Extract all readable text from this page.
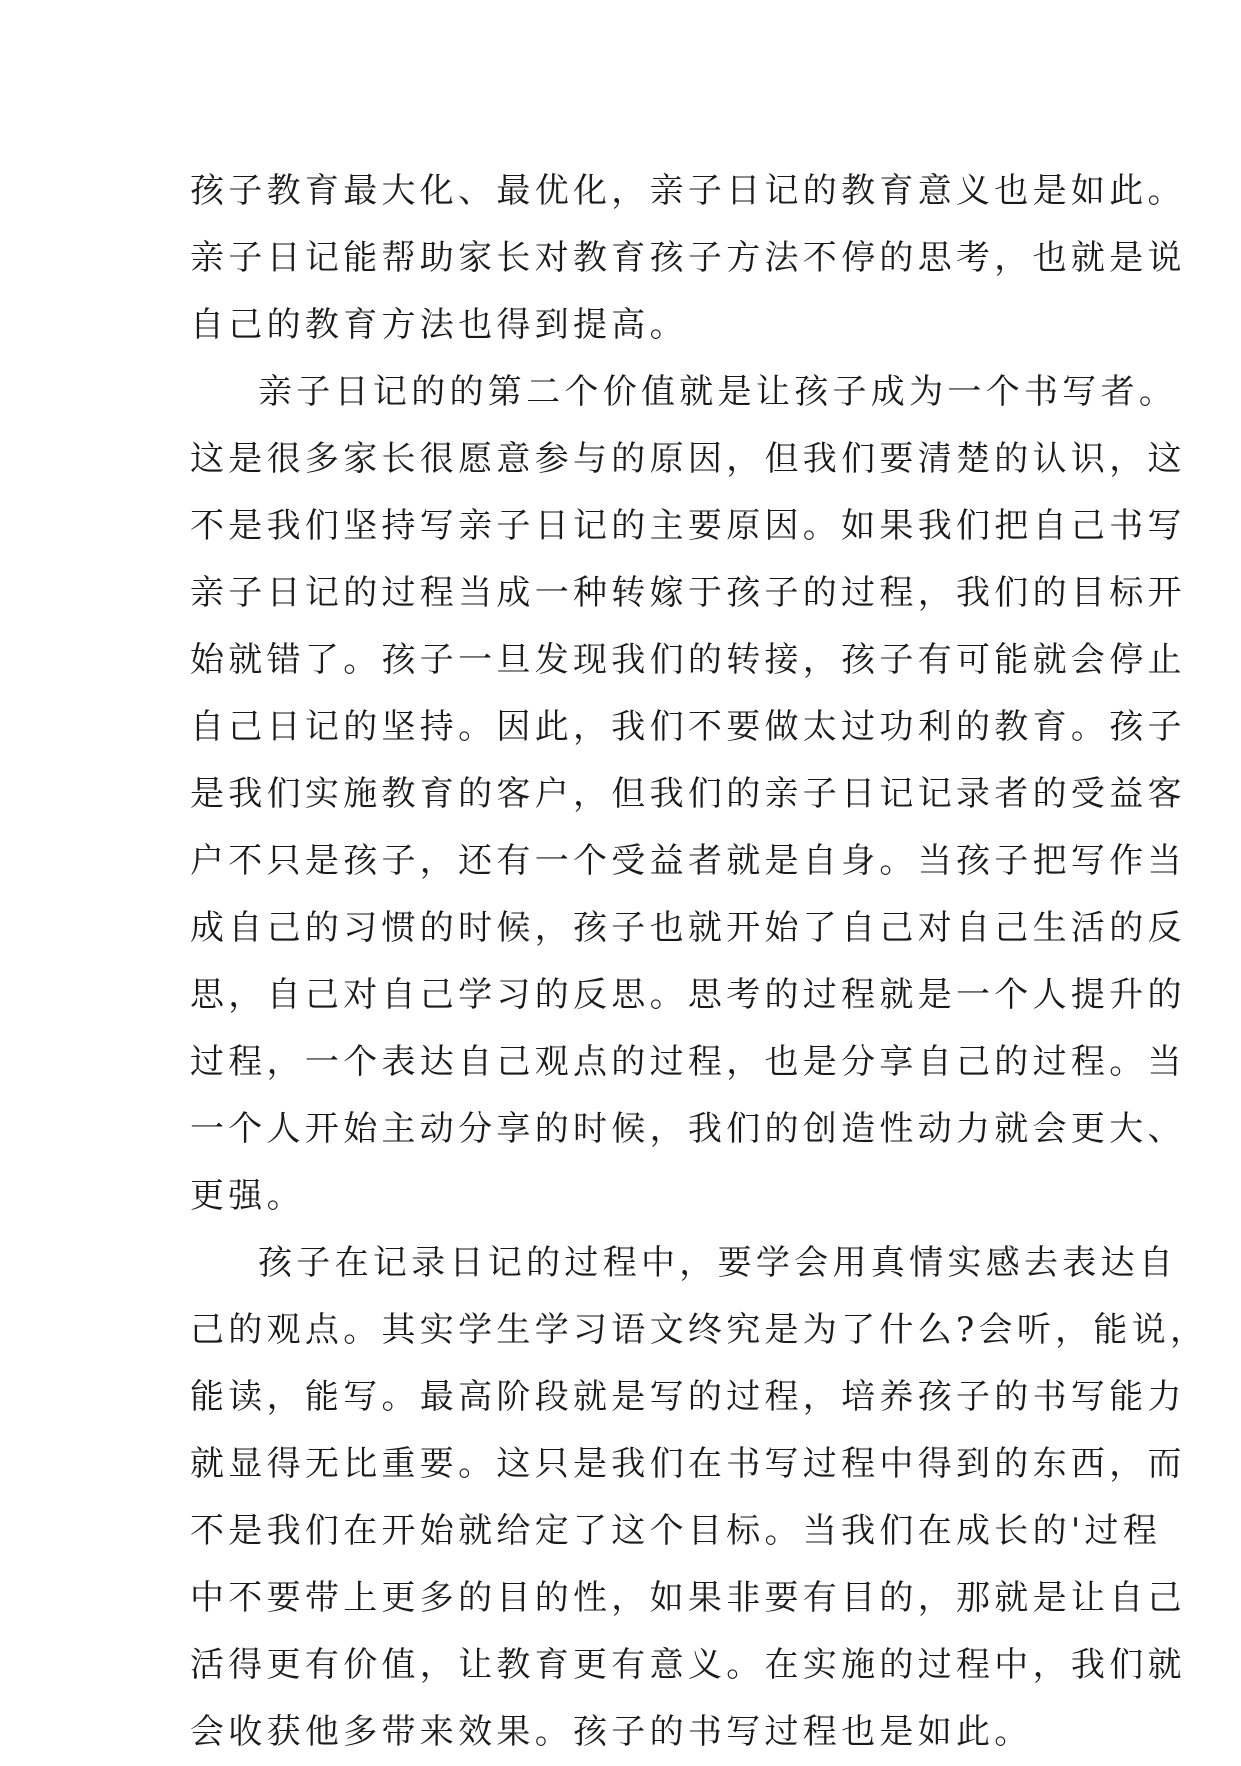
孩子教育最大化、最优化，亲子日记的教育意义也是如此。
亲子日记能帮助家长对教育孩子方法不停的思考，也就是说
自己的教育方法也得到提高。
亲子日记的的第二个价值就是让孩子成为一个书写者。
这是很多家长很愿意参与的原因，但我们要清楚的认识，这
不是我们坚持写亲子日记的主要原因。如果我们把自己书写
亲子日记的过程当成一种转嫁于孩子的过程，我们的目标开
始就错了。孩子一旦发现我们的转接，孩子有可能就会停止
自己日记的坚持。因此，我们不要做太过功利的教育。孩子
是我们实施教育的客户，但我们的亲子日记记录者的受益客
户不只是孩子，还有一个受益者就是自身。当孩子把写作当
成自己的习惯的时候，孩子也就开始了自己对自己生活的反
思，自己对自己学习的反思。思考的过程就是一个人提升的
过程，一个表达自己观点的过程，也是分享自己的过程。当
一个人开始主动分享的时候，我们的创造性动力就会更大、
更强。
孩子在记录日记的过程中，要学会用真情实感去表达自
己的观点。其实学生学习语文终究是为了什么?会听，能说，
能读，能写。最高阶段就是写的过程，培养孩子的书写能力
就显得无比重要。这只是我们在书写过程中得到的东西，而
不是我们在开始就给定了这个目标。当我们在成长的'过程
中不要带上更多的目的性，如果非要有目的，那就是让自己
活得更有价值，让教育更有意义。在实施的过程中，我们就
会收获他多带来效果。孩子的书写过程也是如此。
